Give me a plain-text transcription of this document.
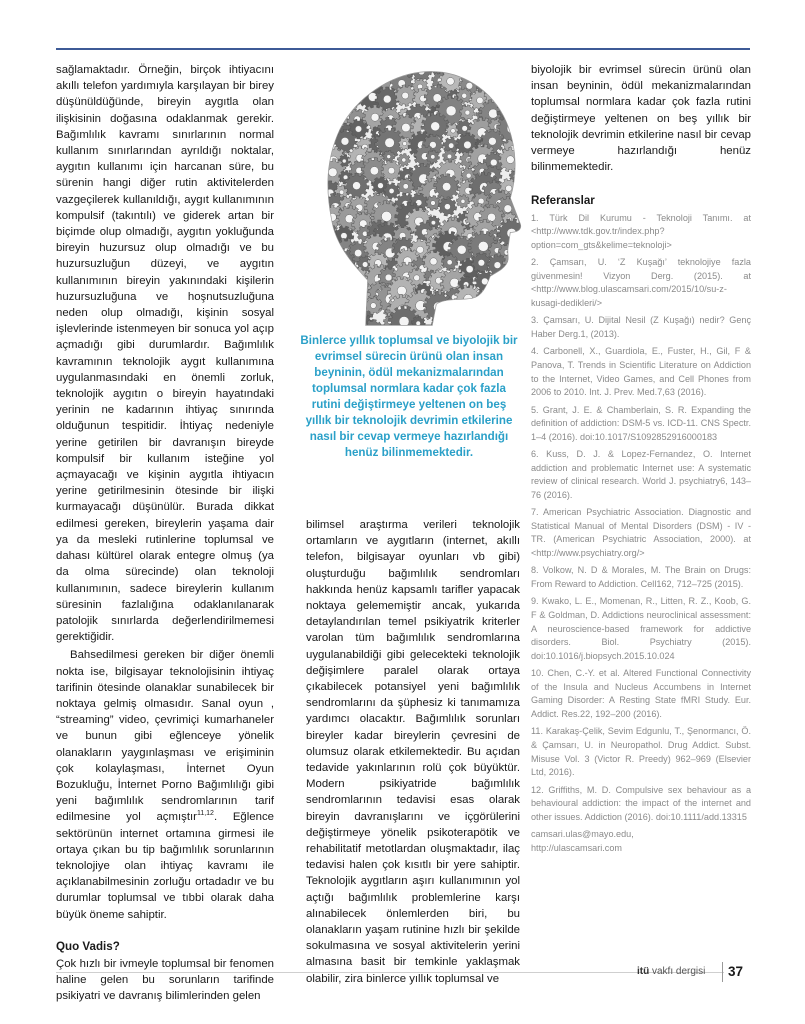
sağlamaktadır. Örneğin, birçok ihtiyacını akıllı telefon yardımıyla karşılayan bir birey düşünüldüğünde, bireyin aygıtla olan ilişkisinin doğasına odaklanmak gerekir. Bağımlılık kavramı sınırlarının normal kullanım sınırlarından ayrıldığı noktalar, aygıtın kullanımı için harcanan süre, bu sürenin hangi diğer rutin aktivitelerden vazgeçilerek kullanıldığı, aygıt kullanımının kompulsif (takıntılı) ve giderek artan bir biçimde olup olmadığı, aygıtın yokluğunda bireyin huzursuz olup olmadığı ve bu huzursuzluğun düzeyi, ve aygıtın kullanımının bireyin yakınındaki kişilerin huzursuzluğuna ve hoşnutsuzluğuna neden olup olmadığı, kişinin sosyal işlevlerinde istenmeyen bir sonuca yol açıp açmadığı gibi durumlardır. Bağımlılık kavramının teknolojik aygıt kullanımına uygulanmasındaki en önemli zorluk, teknolojik aygıtın o bireyin hayatındaki yerinin ne kadarının ihtiyaç sınırında olduğunun tespitidir. İhtiyaç nedeniyle yerine getirilen bir davranışın bireyde kompulsif bir kullanım isteğine yol açmayacağı ve kişinin aygıtla ihtiyacın yerine getirilmesinin ötesinde bir ilişki kurmayacağı düşünülür. Burada dikkat edilmesi gereken, bireylerin yaşama dair ya da mesleki rutinlerine toplumsal ve dahası kültürel olarak entegre olmuş (ya da olma sürecinde) olan teknoloji kullanımının, sadece bireylerin kullanım süresinin fazlalığına odaklanılanarak patolojik sınırlarda değerlendirilmemesi gerektiğidir.

Bahsedilmesi gereken bir diğer önemli nokta ise, bilgisayar teknolojisinin ihtiyaç tarifinin ötesinde olanaklar sunabilecek bir noktaya gelmiş olmasıdır. Sanal oyun , “streaming” video, çevrimiçi kumarhaneler ve bunun gibi eğlenceye yönelik olanakların yaygınlaşması ve erişiminin çok kolaylaşması, İnternet Oyun Bozukluğu, İnternet Porno Bağımlılığı gibi yeni bağımlılık sendromlarının tarif edilmesine yol açmıştır$^{11,12}$. Eğlence sektörünün internet ortamına girmesi ile ortaya çıkan bu tip bağımlılık sorunlarının teknolojiye olan ihtiyaç kavramı ile açıklanabilmesinin zorluğu ortadadır ve bu durumlar toplumsal ve tıbbi olarak daha büyük öneme sahiptir.

Quo Vadis?

Çok hızlı bir ivmeyle toplumsal bir fenomen haline gelen bu sorunların tarifinde psikiyatri ve davranış bilimlerinden gelen

Binlerce yıllık toplumsal ve biyolojik bir evrimsel sürecin ürünü olan insan beyninin, ödül mekanizmalarından toplumsal normlara kadar çok fazla rutini değiştirmeye yeltenen on beş yıllık bir teknolojik devrimin etkilerine nasıl bir cevap vermeye hazırlandığı henüz bilinmemektedir.

bilimsel araştırma verileri teknolojik ortamların ve aygıtların (internet, akıllı telefon, bilgisayar oyunları vb gibi) oluşturduğu bağımlılık sendromları hakkında henüz kapsamlı tarifler yapacak noktaya gelememiştir ancak, yukarıda detaylandırılan temel psikiyatrik kriterler varolan tüm bağımlılık sendromlarına uygulanabildiği gibi gelecekteki teknolojik değişimlere paralel olarak ortaya çıkabilecek potansiyel yeni bağımlılık sendromlarını da şüphesiz ki tanımamıza yardımcı olacaktır. Bağımlılık sorunları bireyler kadar bireylerin çevresini de olumsuz olarak etkilemektedir. Bu açıdan tedavide yakınlarının rolü çok büyüktür. Modern psikiyatride bağımlılık sendromlarının tedavisi esas olarak bireyin davranışlarını ve içgörülerini değiştirmeye yönelik psikoterapötik ve rehabilitatif metotlardan oluşmaktadır, ilaç tedavisi halen çok kısıtlı bir yere sahiptir. Teknolojik aygıtların aşırı kullanımının yol açtığı bağımlılık problemlerine karşı alınabilecek önlemlerden biri, bu olanakların yaşam rutinine hızlı bir şekilde sokulmasına ve sosyal aktivitelerin yerini almasına basit bir temkinle yaklaşmak olabilir, zira binlerce yıllık toplumsal ve

biyolojik bir evrimsel sürecin ürünü olan insan beyninin, ödül mekanizmalarından toplumsal normlara kadar çok fazla rutini değiştirmeye yeltenen on beş yıllık bir teknolojik devrimin etkilerine nasıl bir cevap vermeye hazırlandığı henüz bilinmemektedir.

Referanslar

1. Türk Dil Kurumu - Teknoloji Tanımı. at <http://www.tdk.gov.tr/index.php?option=com_gts&kelime=teknoloji>

2. Çamsarı, U. ‘Z Kuşağı’ teknolojiye fazla güvenmesin! Vizyon Derg. (2015). at <http://www.blog.ulascamsari.com/2015/10/su-z-kusagi-dedikleri/>

3. Çamsarı, U. Dijital Nesil (Z Kuşağı) nedir? Genç Haber Derg.1, (2013).

4. Carbonell, X., Guardiola, E., Fuster, H., Gil, F & Panova, T. Trends in Scientific Literature on Addiction to the Internet, Video Games, and Cell Phones from 2006 to 2010. Int. J. Prev. Med.7,63 (2016).

5. Grant, J. E. & Chamberlain, S. R. Expanding the definition of addiction: DSM-5 vs. ICD-11. CNS Spectr. 1–4 (2016). doi:10.1017/S1092852916000183

6. Kuss, D. J. & Lopez-Fernandez, O. Internet addiction and problematic Internet use: A systematic review of clinical research. World J. psychiatry6, 143–76 (2016).

7. American Psychiatric Association. Diagnostic and Statistical Manual of Mental Disorders (DSM) - IV - TR. (American Psychiatric Association, 2000). at <http://www.psychiatry.org/>

8. Volkow, N. D & Morales, M. The Brain on Drugs: From Reward to Addiction. Cell162, 712–725 (2015).

9. Kwako, L. E., Momenan, R., Litten, R. Z., Koob, G. F & Goldman, D. Addictions neuroclinical assessment: A neuroscience-based framework for addictive disorders. Biol. Psychiatry (2015). doi:10.1016/j.biopsych.2015.10.024

10. Chen, C.-Y. et al. Altered Functional Connectivity of the Insula and Nucleus Accumbens in Internet Gaming Disorder: A Resting State fMRI Study. Eur. Addict. Res.22, 192–200 (2016).

11. Karakaş-Çelik, Sevim Edgunlu, T., Şenormancı, Ö. & Çamsarı, U. in Neuropathol. Drug Addict. Subst. Misuse Vol. 3 (Victor R. Preedy) 962–969 (Elsevier Ltd, 2016).

12. Griffiths, M. D. Compulsive sex behaviour as a behavioural addiction: the impact of the internet and other issues. Addiction (2016). doi:10.1111/add.13315

camsari.ulas@mayo.edu,

http://ulascamsari.com

itü vakfı dergisi 37
